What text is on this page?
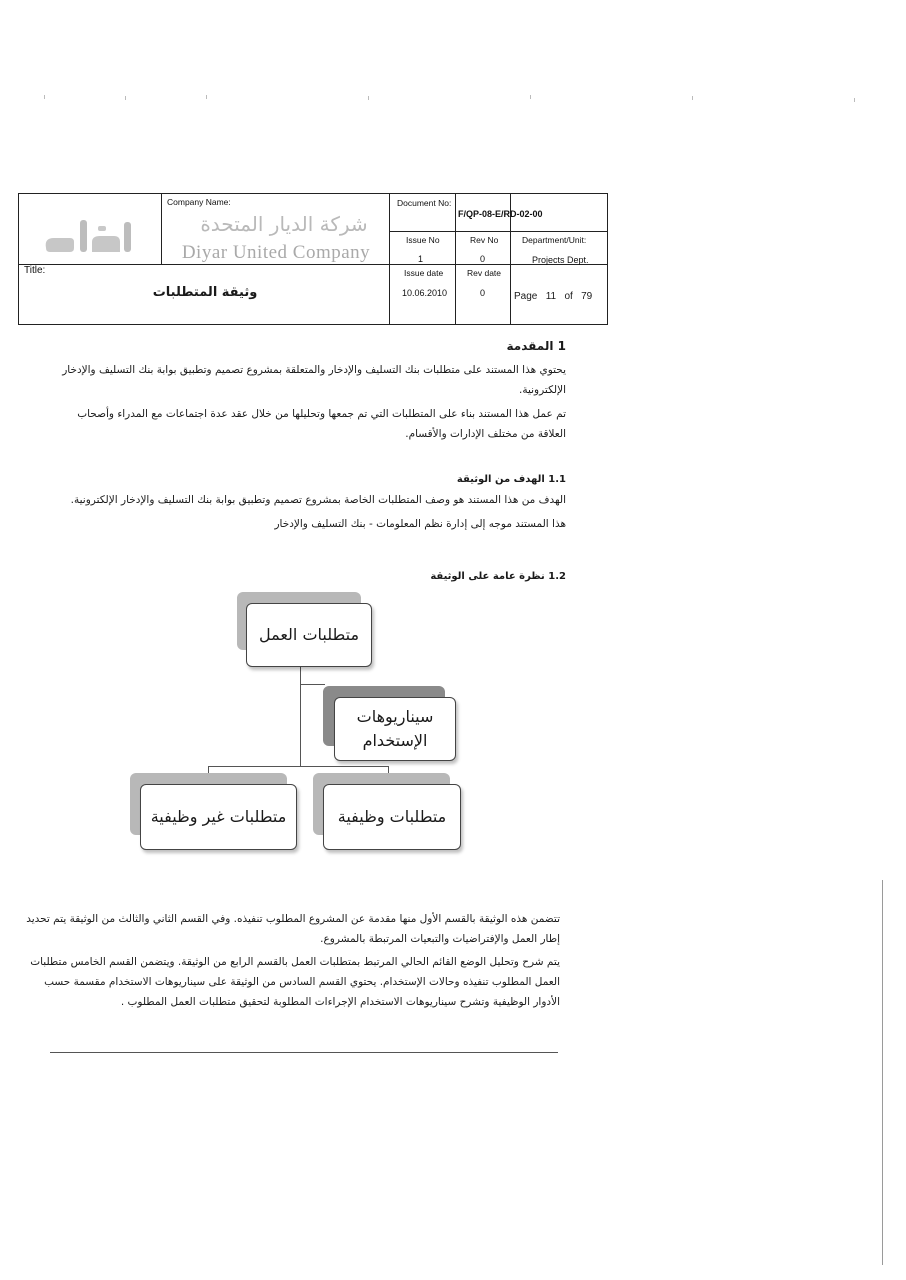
Company Name:
شركة الديار المتحدة
Diyar United Company
Document No:
F/QP-08-E/RD-02-00
Issue No
1
Rev No
0
Department/Unit:
Projects Dept.
Title:
وثيقة المتطلبات
Issue date
10.06.2010
Rev date
0	Page 11 of 79
1 المقدمة
يحتوي هذا المستند على متطلبات بنك التسليف والإدخار والمتعلقة بمشروع تصميم وتطبيق بوابة بنك التسليف والإدخار
الإلكترونية.
تم عمل هذا المستند بناء على المتطلبات التي تم جمعها وتحليلها من خلال عقد عدة اجتماعات مع المدراء وأصحاب
العلاقة من مختلف الإدارات والأقسام.
1.1 الهدف من الوثيقة
الهدف من هذا المستند هو وصف المتطلبات الخاصة بمشروع تصميم وتطبيق بوابة بنك التسليف والإدخار الإلكترونية.
هذا المستند موجه إلى إدارة نظم المعلومات - بنك التسليف والإدخار
1.2 نظرة عامة على الوثيقة
متطلبات العمل
سيناريوهات
الإستخدام
متطلبات غير وظيفية	متطلبات وظيفية
تتضمن هذه الوثيقة بالقسم الأول منها مقدمة عن المشروع المطلوب تنفيذه. وفي القسم الثاني والثالث من الوثيقة يتم تحديد
إطار العمل والإفتراضيات والتبعيات المرتبطة بالمشروع.
يتم شرح وتحليل الوضع القائم الحالي المرتبط بمتطلبات العمل بالقسم الرابع من الوثيقة. ويتضمن القسم الخامس متطلبات
العمل المطلوب تنفيذه وحالات الإستخدام. يحتوي القسم السادس من الوثيقة على سيناريوهات الاستخدام مقسمة حسب
الأدوار الوظيفية وتشرح سيناريوهات الاستخدام الإجراءات المطلوبة لتحقيق متطلبات العمل المطلوب .
